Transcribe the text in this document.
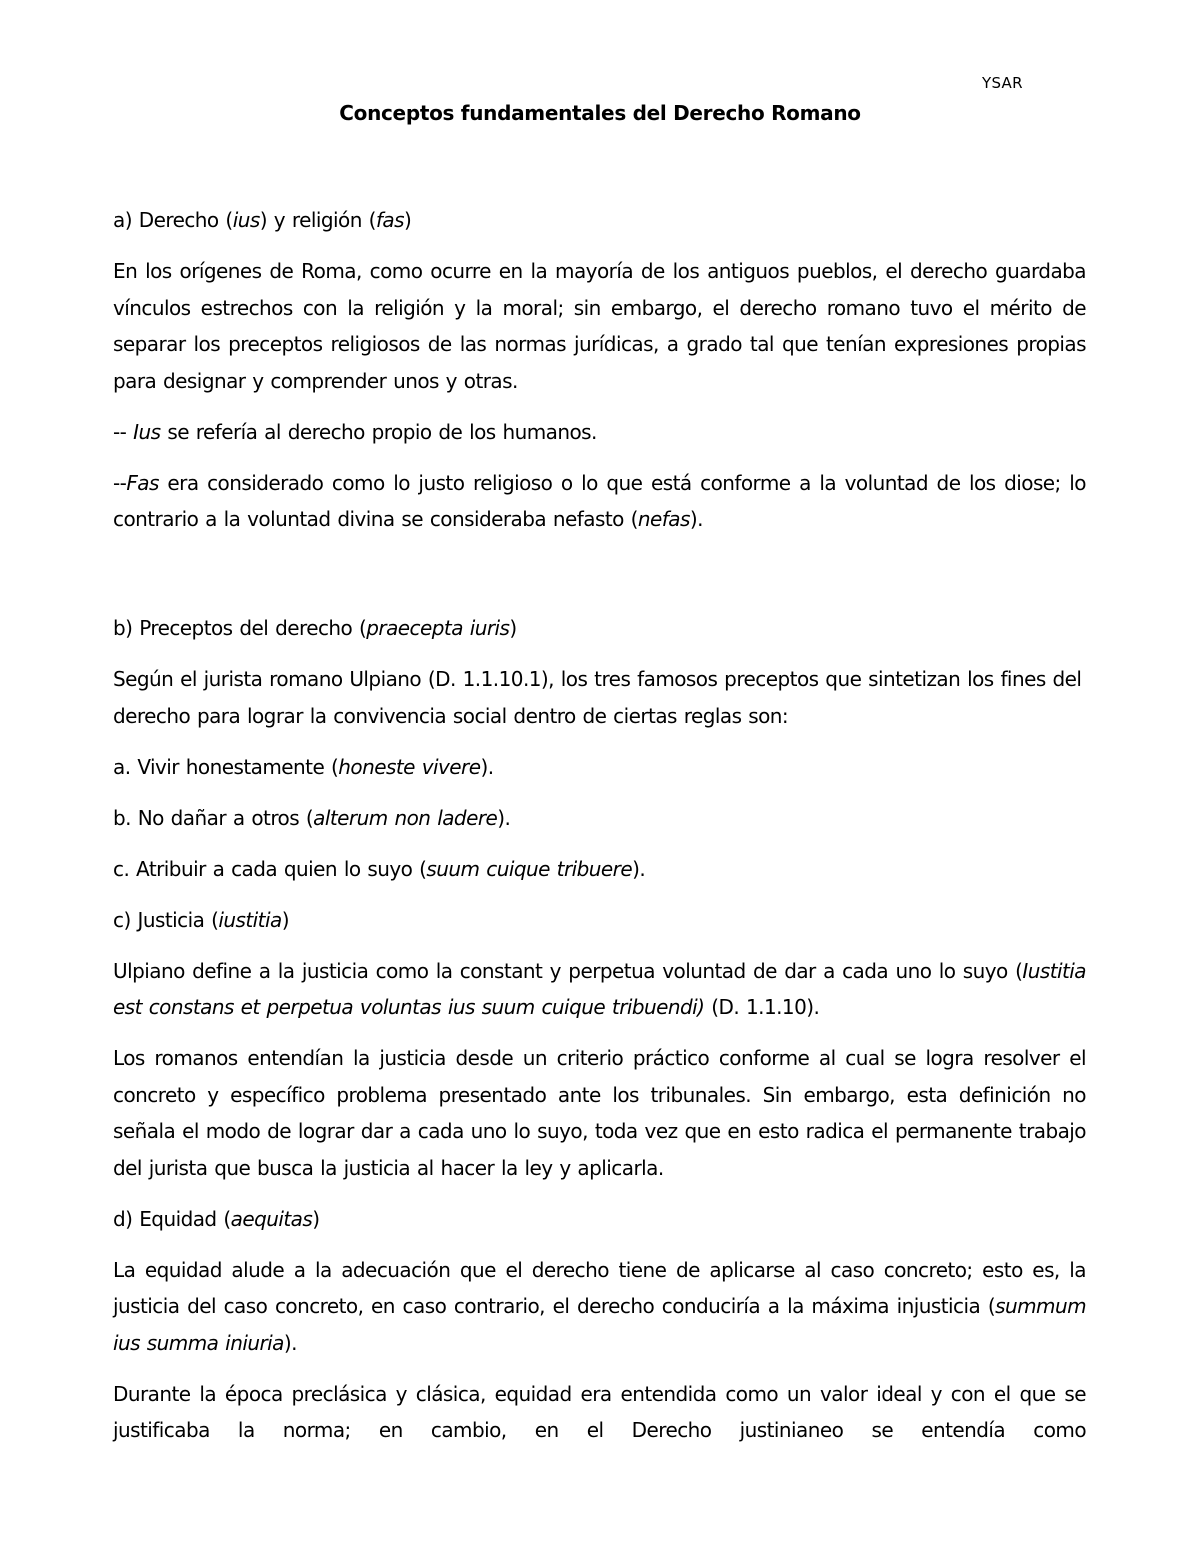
YSAR
Conceptos fundamentales del Derecho Romano

a) Derecho (ius) y religión (fas)

En los orígenes de Roma, como ocurre en la mayoría de los antiguos pueblos, el derecho guardaba vínculos estrechos con la religión y la moral; sin embargo, el derecho romano tuvo el mérito de separar los preceptos religiosos de las normas jurídicas, a grado tal que tenían expresiones propias para designar y comprender unos y otras.

-- Ius se refería al derecho propio de los humanos.

--Fas era considerado como lo justo religioso o lo que está conforme a la voluntad de los diose; lo contrario a la voluntad divina se consideraba nefasto (nefas).

b) Preceptos del derecho (praecepta iuris)

Según el jurista romano Ulpiano (D. 1.1.10.1), los tres famosos preceptos que sintetizan los fines del derecho para lograr la convivencia social dentro de ciertas reglas son:

a. Vivir honestamente (honeste vivere).

b. No dañar a otros (alterum non ladere).

c. Atribuir a cada quien lo suyo (suum cuique tribuere).

c) Justicia (iustitia)

Ulpiano define a la justicia como la constant y perpetua voluntad de dar a cada uno lo suyo (Iustitia est constans et perpetua voluntas ius suum cuique tribuendi) (D. 1.1.10).

Los romanos entendían la justicia desde un criterio práctico conforme al cual se logra resolver el concreto y específico problema presentado ante los tribunales. Sin embargo, esta definición no señala el modo de lograr dar a cada uno lo suyo, toda vez que en esto radica el permanente trabajo del jurista que busca la justicia al hacer la ley y aplicarla.

d) Equidad (aequitas)

La equidad alude a la adecuación que el derecho tiene de aplicarse al caso concreto; esto es, la justicia del caso concreto, en caso contrario, el derecho conduciría a la máxima injusticia (summum ius summa iniuria).

Durante la época preclásica y clásica, equidad era entendida como un valor ideal y con el que se justificaba la norma; en cambio, en el Derecho justinianeo se entendía como
